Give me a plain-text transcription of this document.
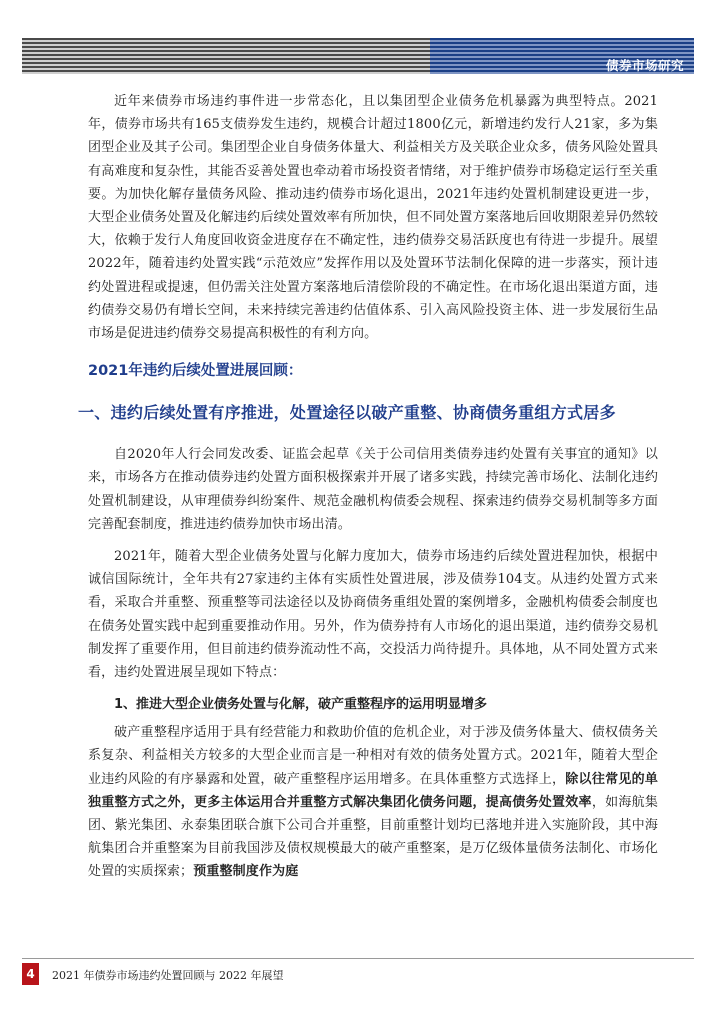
债券市场研究

近年来债券市场违约事件进一步常态化，且以集团型企业债务危机暴露为典型特点。2021年，债券市场共有165支债券发生违约，规模合计超过1800亿元，新增违约发行人21家，多为集团型企业及其子公司。集团型企业自身债务体量大、利益相关方及关联企业众多，债务风险处置具有高难度和复杂性，其能否妥善处置也牵动着市场投资者情绪，对于维护债券市场稳定运行至关重要。为加快化解存量债务风险、推动违约债券市场化退出，2021年违约处置机制建设更进一步，大型企业债务处置及化解违约后续处置效率有所加快，但不同处置方案落地后回收期限差异仍然较大，依赖于发行人角度回收资金进度存在不确定性，违约债券交易活跃度也有待进一步提升。展望2022年，随着违约处置实践“示范效应”发挥作用以及处置环节法制化保障的进一步落实，预计违约处置进程或提速，但仍需关注处置方案落地后清偿阶段的不确定性。在市场化退出渠道方面，违约债券交易仍有增长空间，未来持续完善违约估值体系、引入高风险投资主体、进一步发展衍生品市场是促进违约债券交易提高积极性的有利方向。

2021年违约后续处置进展回顾：
一、违约后续处置有序推进，处置途径以破产重整、协商债务重组方式居多

自2020年人行会同发改委、证监会起草《关于公司信用类债券违约处置有关事宜的通知》以来，市场各方在推动债券违约处置方面积极探索并开展了诸多实践，持续完善市场化、法制化违约处置机制建设，从审理债券纠纷案件、规范金融机构债委会规程、探索违约债券交易机制等多方面完善配套制度，推进违约债券加快市场出清。

2021年，随着大型企业债务处置与化解力度加大，债券市场违约后续处置进程加快，根据中诚信国际统计，全年共有27家违约主体有实质性处置进展，涉及债券104支。从违约处置方式来看，采取合并重整、预重整等司法途径以及协商债务重组处置的案例增多，金融机构债委会制度也在债务处置实践中起到重要推动作用。另外，作为债券持有人市场化的退出渠道，违约债券交易机制发挥了重要作用，但目前违约债券流动性不高，交投活力尚待提升。具体地，从不同处置方式来看，违约处置进展呈现如下特点：

1、推进大型企业债务处置与化解，破产重整程序的运用明显增多

破产重整程序适用于具有经营能力和救助价值的危机企业，对于涉及债务体量大、债权债务关系复杂、利益相关方较多的大型企业而言是一种相对有效的债务处置方式。2021年，随着大型企业违约风险的有序暴露和处置，破产重整程序运用增多。在具体重整方式选择上，除以往常见的单独重整方式之外，更多主体运用合并重整方式解决集团化债务问题，提高债务处置效率，如海航集团、紫光集团、永泰集团联合旗下公司合并重整，目前重整计划均已落地并进入实施阶段，其中海航集团合并重整案为目前我国涉及债权规模最大的破产重整案，是万亿级体量债务法制化、市场化处置的实质探索；预重整制度作为庭

4	2021 年债券市场违约处置回顾与 2022 年展望
